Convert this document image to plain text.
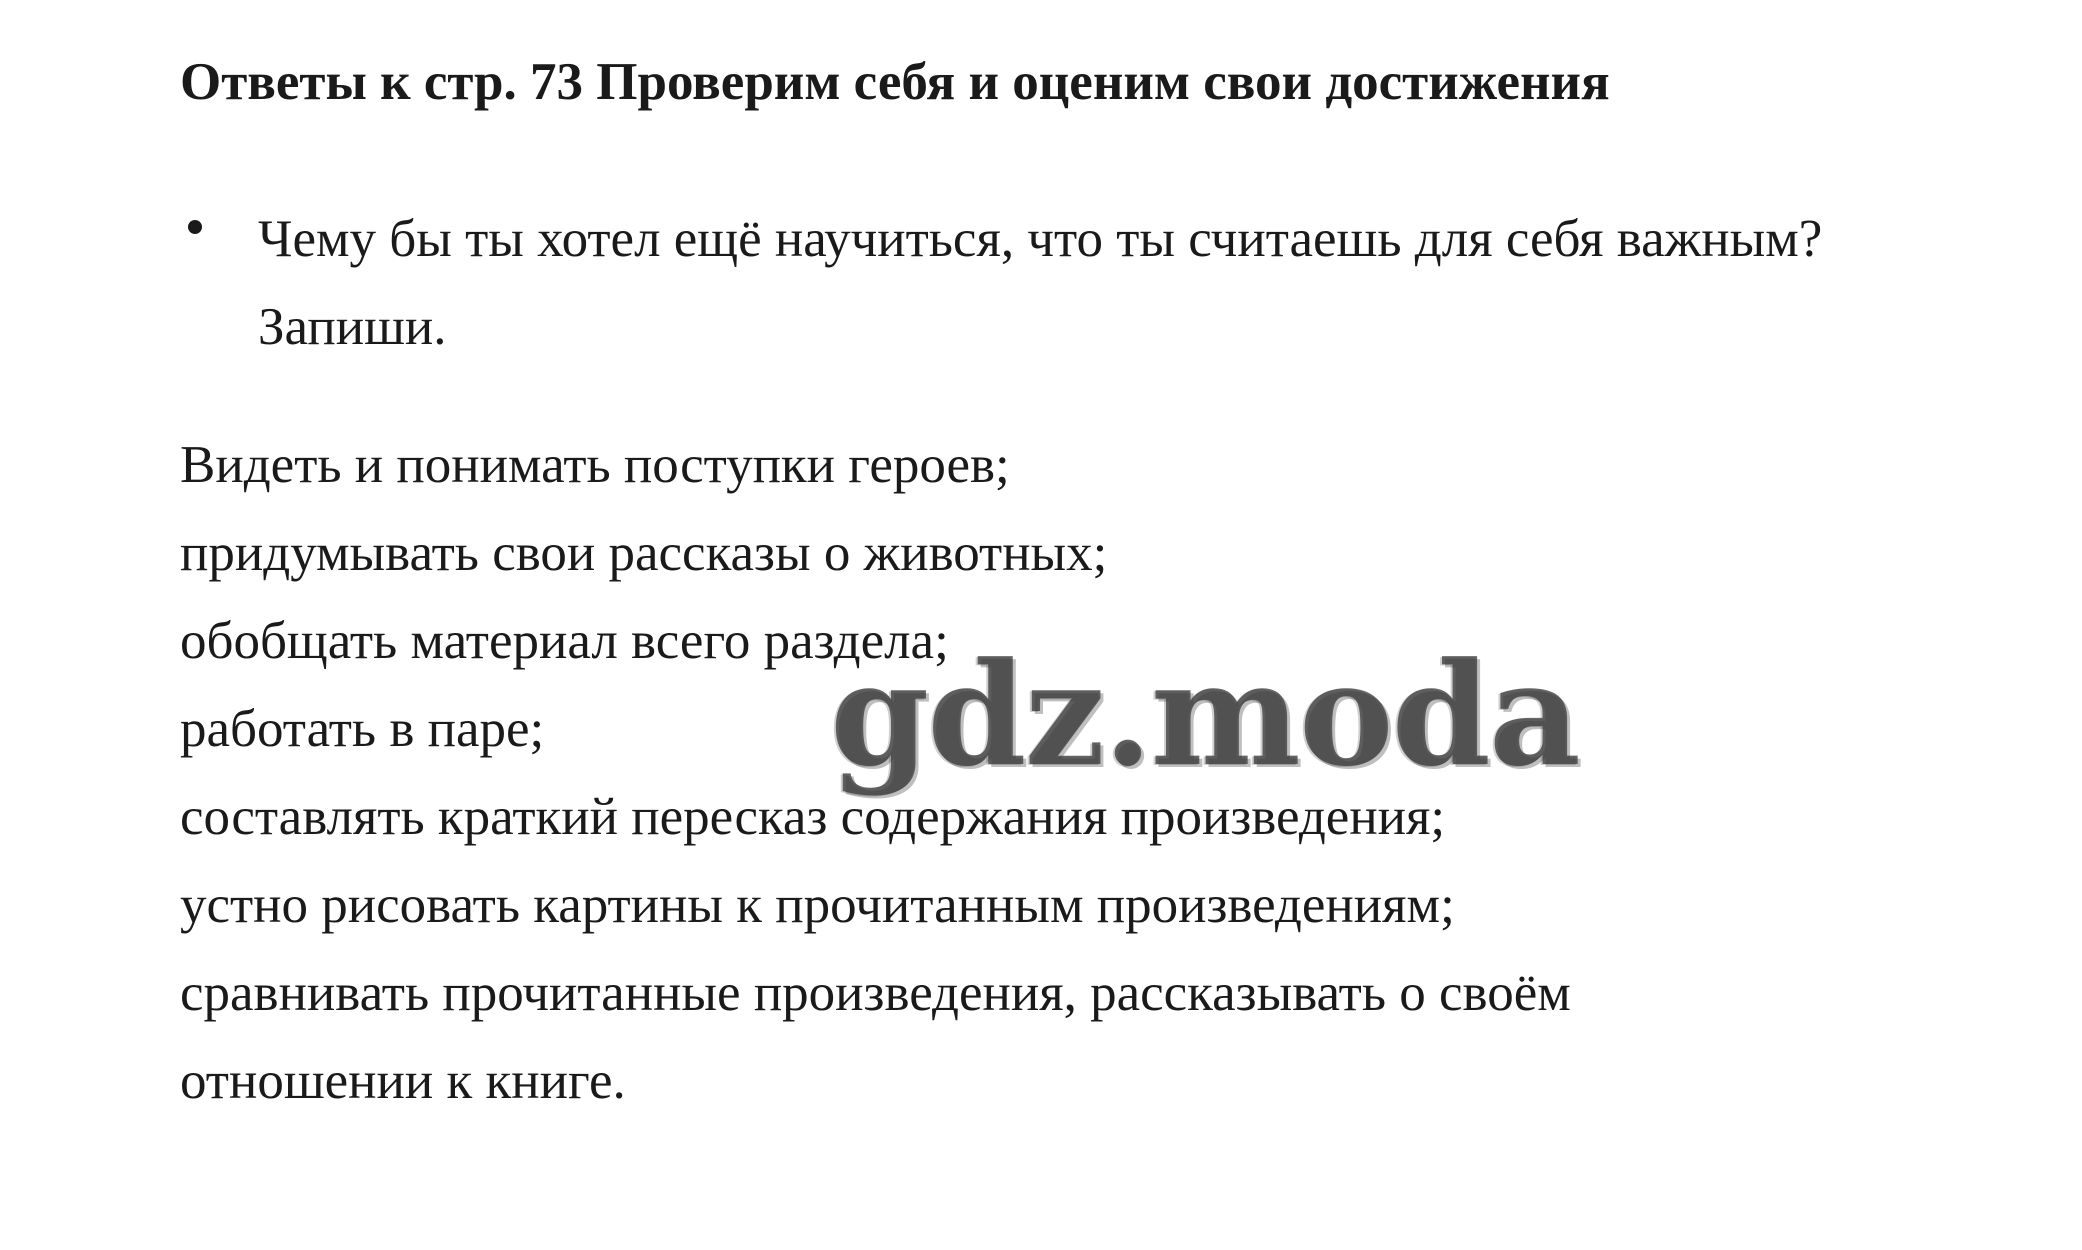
Ответы к стр. 73 Проверим себя и оценим свои достижения
Чему бы ты хотел ещё научиться, что ты считаешь для себя важным? Запиши.
Видеть и понимать поступки героев;
придумывать свои рассказы о животных;
обобщать материал всего раздела;
работать в паре;
составлять краткий пересказ содержания произведения;
устно рисовать картины к прочитанным произведениям;
сравнивать прочитанные произведения, рассказывать о своём
отношении к книге.
gdz.moda
